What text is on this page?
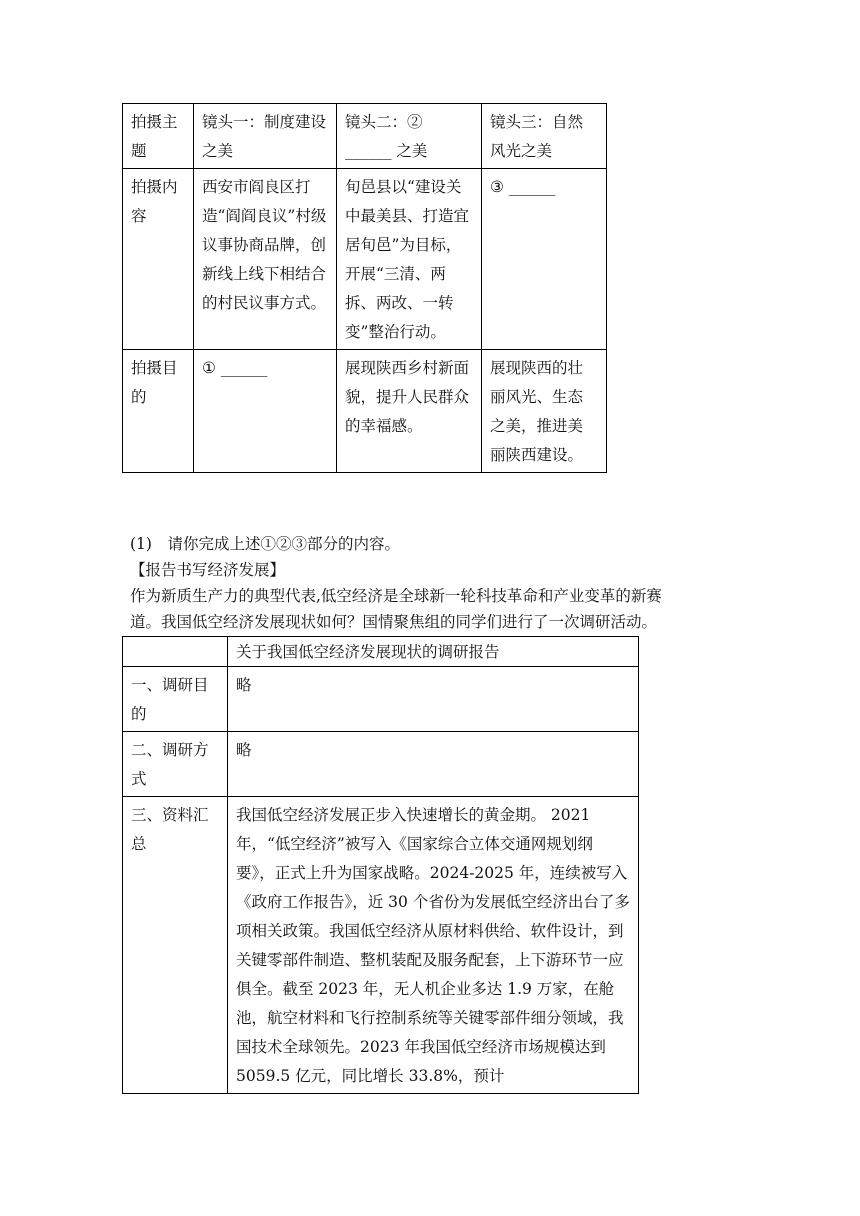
拍摄主题	镜头一：制度建设之美	镜头二：② ______ 之美	镜头三：自然风光之美
拍摄内容	西安市阎良区打造“阎阎良议”村级议事协商品牌，创新线上线下相结合的村民议事方式。	旬邑县以“建设关中最美县、打造宜居旬邑”为目标，开展“三清、两拆、两改、一转变”整治行动。	③ ______
拍摄目的	① ______	展现陕西乡村新面貌，提升人民群众的幸福感。	展现陕西的壮丽风光、生态之美，推进美丽陕西建设。
(1)　请你完成上述①②③部分的内容。
【报告书写经济发展】
作为新质生产力的典型代表,低空经济是全球新一轮科技革命和产业变革的新赛
道。我国低空经济发展现状如何？国情聚焦组的同学们进行了一次调研活动。
	关于我国低空经济发展现状的调研报告
一、调研目的	略
二、调研方式	略
三、资料汇总	我国低空经济发展正步入快速增长的黄金期。 2021 年，“低空经济”被写入《国家综合立体交通网规划纲要》，正式上升为国家战略。2024-2025 年，连续被写入《政府工作报告》，近 30 个省份为发展低空经济出台了多项相关政策。我国低空经济从原材料供给、软件设计，到关键零部件制造、整机装配及服务配套，上下游环节一应俱全。截至 2023 年，无人机企业多达 1.9 万家，在舱池，航空材料和飞行控制系统等关键零部件细分领域，我国技术全球领先。2023 年我国低空经济市场规模达到 5059.5 亿元，同比增长 33.8%，预计
